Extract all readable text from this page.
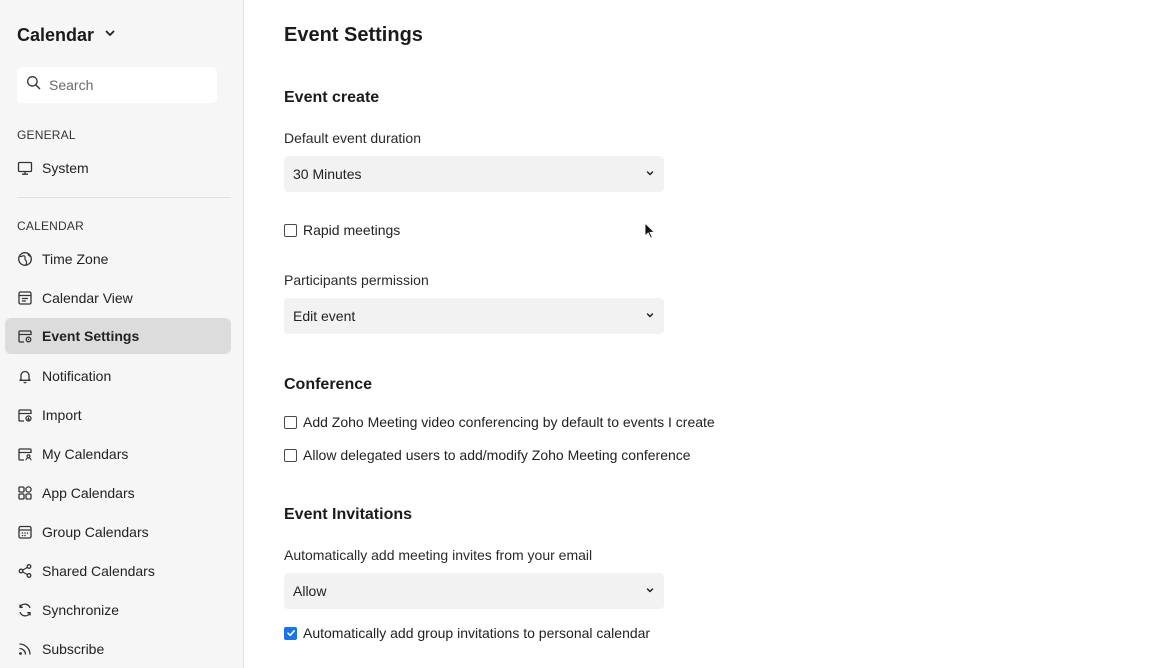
Calendar
Search
GENERAL
System
CALENDAR
Time Zone
Calendar View
Event Settings
Notification
Import
My Calendars
App Calendars
Group Calendars
Shared Calendars
Synchronize
Subscribe
Event Settings
Event create
Default event duration
30 Minutes
Rapid meetings
Participants permission
Edit event
Conference
Add Zoho Meeting video conferencing by default to events I create
Allow delegated users to add/modify Zoho Meeting conference
Event Invitations
Automatically add meeting invites from your email
Allow
Automatically add group invitations to personal calendar
